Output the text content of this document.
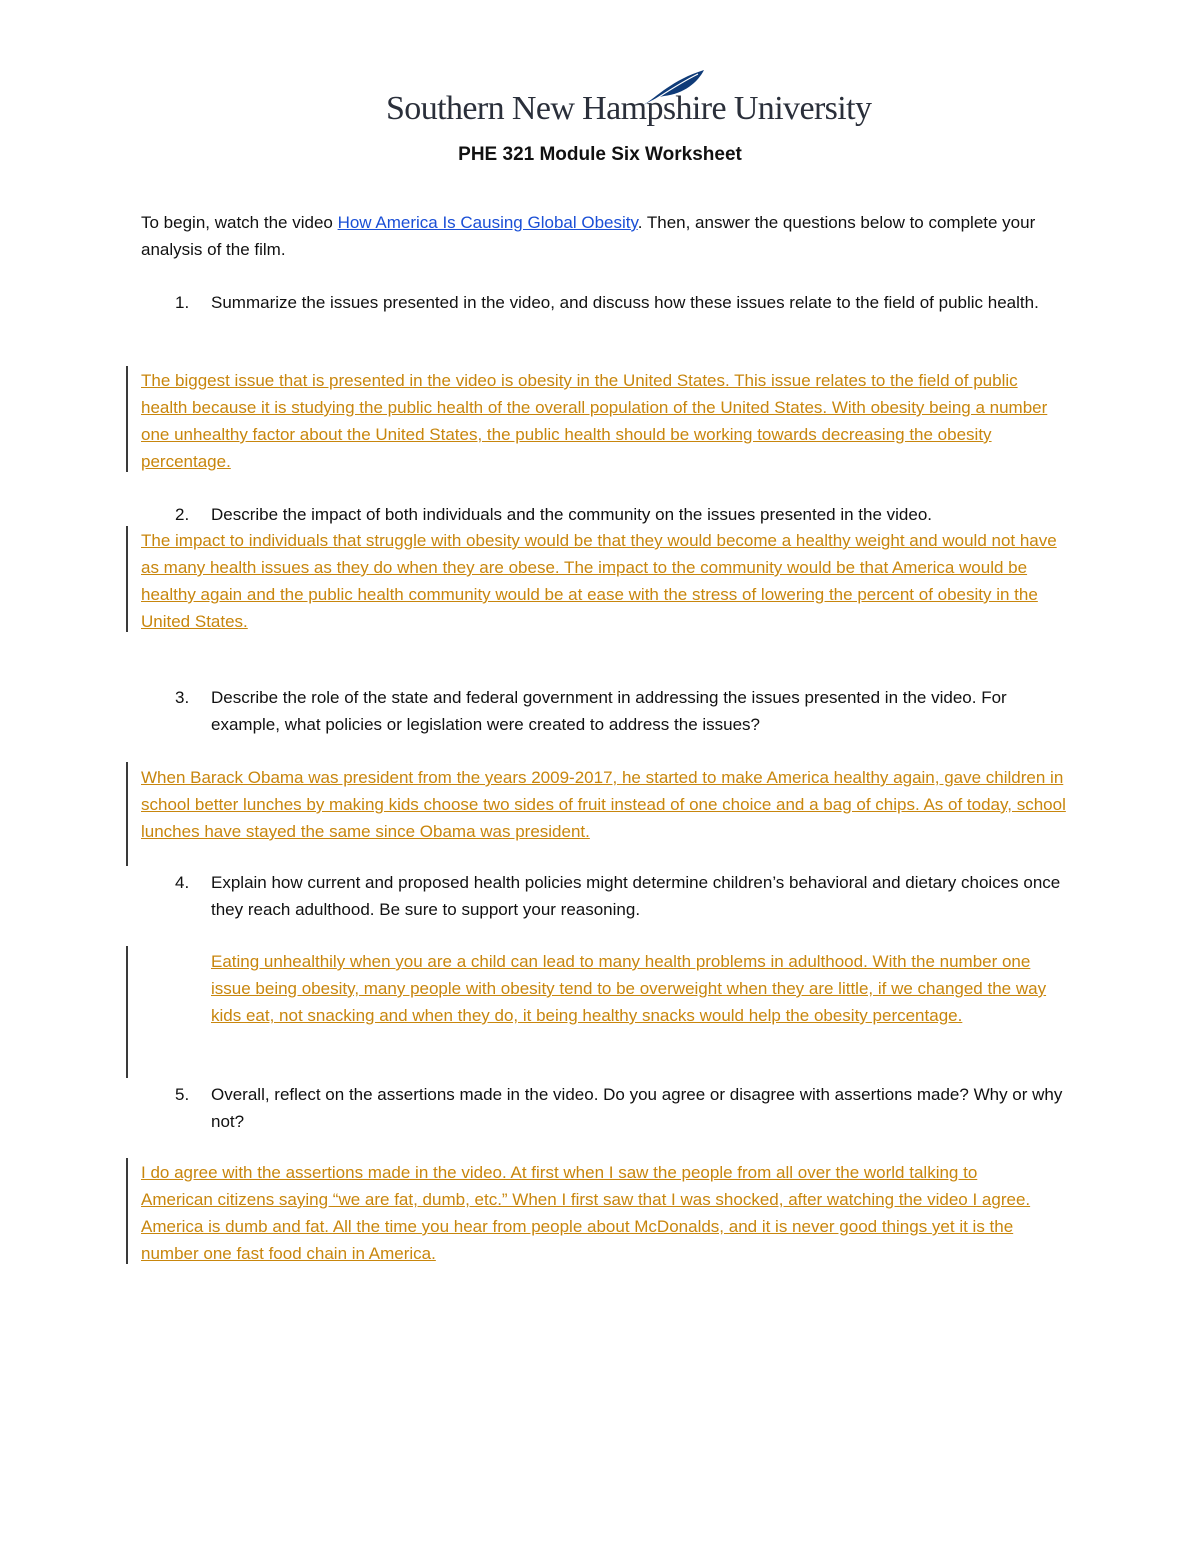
Southern New Hampshire University
PHE 321 Module Six Worksheet
To begin, watch the video How America Is Causing Global Obesity. Then, answer the questions below to complete your analysis of the film.
1. Summarize the issues presented in the video, and discuss how these issues relate to the field of public health.
The biggest issue that is presented in the video is obesity in the United States. This issue relates to the field of public health because it is studying the public health of the overall population of the United States. With obesity being a number one unhealthy factor about the United States, the public health should be working towards decreasing the obesity percentage.
2. Describe the impact of both individuals and the community on the issues presented in the video.
The impact to individuals that struggle with obesity would be that they would become a healthy weight and would not have as many health issues as they do when they are obese. The impact to the community would be that America would be healthy again and the public health community would be at ease with the stress of lowering the percent of obesity in the United States.
3. Describe the role of the state and federal government in addressing the issues presented in the video. For example, what policies or legislation were created to address the issues?
When Barack Obama was president from the years 2009-2017, he started to make America healthy again, gave children in school better lunches by making kids choose two sides of fruit instead of one choice and a bag of chips. As of today, school lunches have stayed the same since Obama was president.
4. Explain how current and proposed health policies might determine children’s behavioral and dietary choices once they reach adulthood. Be sure to support your reasoning.
Eating unhealthily when you are a child can lead to many health problems in adulthood. With the number one issue being obesity, many people with obesity tend to be overweight when they are little, if we changed the way kids eat, not snacking and when they do, it being healthy snacks would help the obesity percentage.
5. Overall, reflect on the assertions made in the video. Do you agree or disagree with assertions made? Why or why not?
I do agree with the assertions made in the video. At first when I saw the people from all over the world talking to American citizens saying “we are fat, dumb, etc.” When I first saw that I was shocked, after watching the video I agree. America is dumb and fat. All the time you hear from people about McDonalds, and it is never good things yet it is the number one fast food chain in America.
